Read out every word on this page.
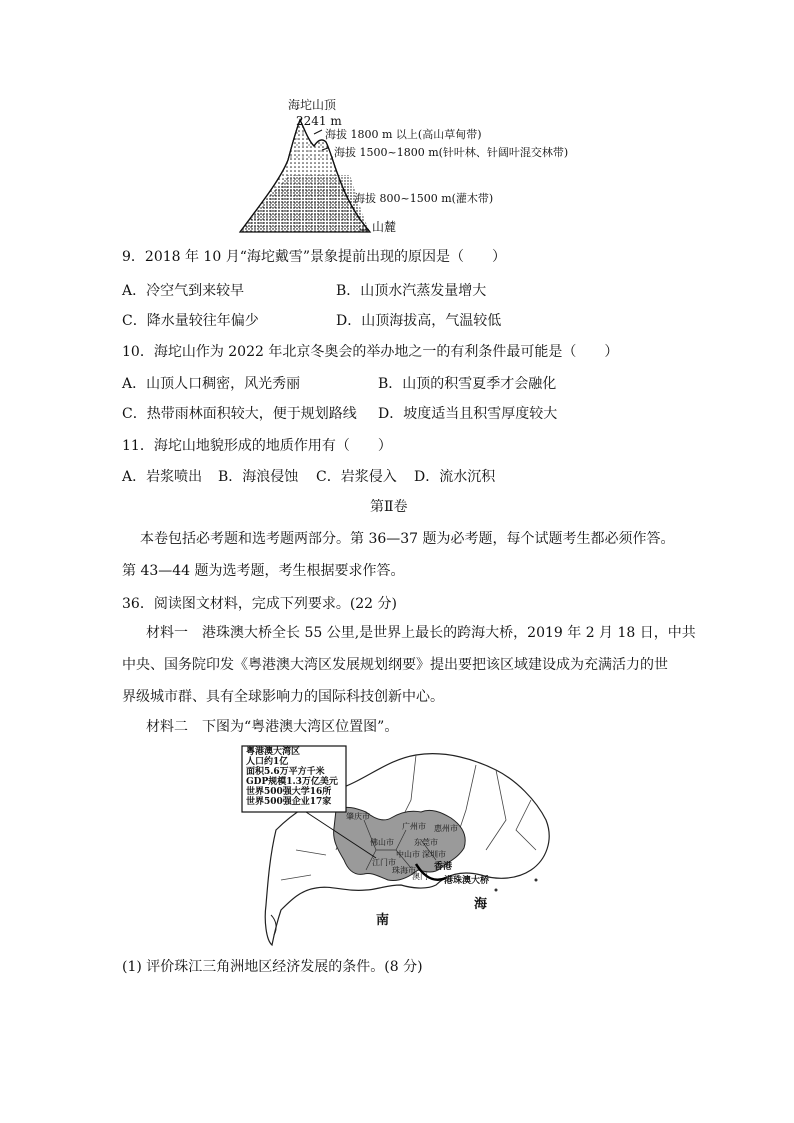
海坨山顶
2241 m
海拔 1800 m 以上(高山草甸带)
海拔 1500~1800 m(针叶林、针阔叶混交林带)
海拔 800~1500 m(灌木带)
山麓
9．2018 年 10 月“海坨戴雪”景象提前出现的原因是（　　）
A．冷空气到来较早	B．山顶水汽蒸发量增大
C．降水量较往年偏少	D．山顶海拔高，气温较低
10．海坨山作为 2022 年北京冬奥会的举办地之一的有利条件最可能是（　　）
A．山顶人口稠密，风光秀丽	B．山顶的积雪夏季才会融化
C．热带雨林面积较大，便于规划路线 D．坡度适当且积雪厚度较大
11．海坨山地貌形成的地质作用有（　　）
A．岩浆喷出 B．海浪侵蚀 C．岩浆侵入 D．流水沉积
第Ⅱ卷
本卷包括必考题和选考题两部分。第 36—37 题为必考题，每个试题考生都必须作答。
第 43—44 题为选考题，考生根据要求作答。
36．阅读图文材料，完成下列要求。(22 分)
材料一　港珠澳大桥全长 55 公里,是世界上最长的跨海大桥，2019 年 2 月 18 日，中共
中央、国务院印发《粤港澳大湾区发展规划纲要》提出要把该区域建设成为充满活力的世
界级城市群、具有全球影响力的国际科技创新中心。
材料二　下图为“粤港澳大湾区位置图”。
粤港澳大湾区
人口约1亿
面积5.6万平方千米
GDP规模1.3万亿美元
世界500强大学16所
世界500强企业17家
肇庆市
广州市 惠州市
东莞市
佛山市
中山市 深圳市
江门市
珠海市
澳门
香港
港珠澳大桥
南
海
(1) 评价珠江三角洲地区经济发展的条件。(8 分)
